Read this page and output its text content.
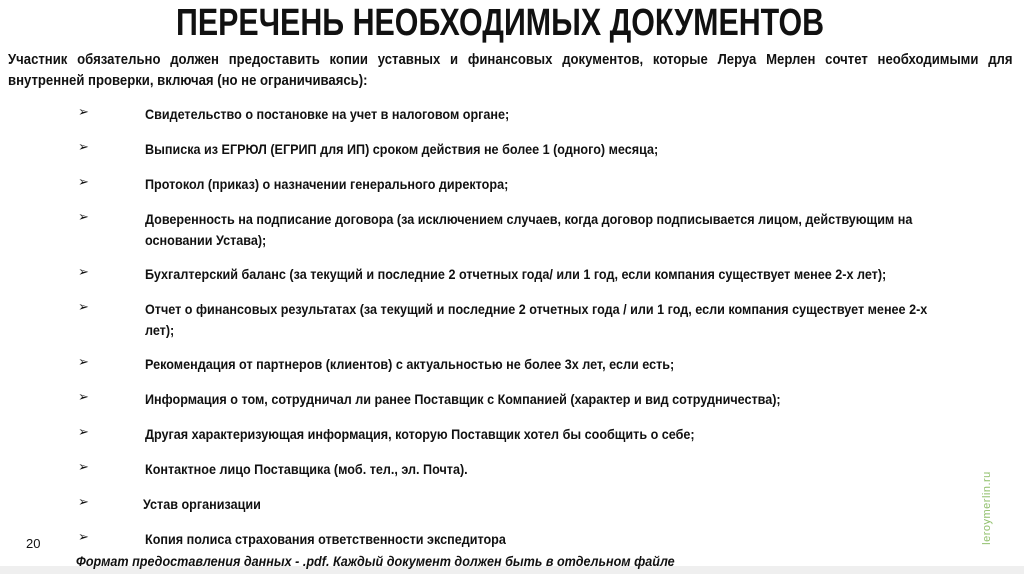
ПЕРЕЧЕНЬ НЕОБХОДИМЫХ ДОКУМЕНТОВ
Участник обязательно должен предоставить копии уставных и финансовых документов, которые Леруа Мерлен сочтет необходимыми для
внутренней проверки, включая (но не ограничиваясь):
➢	Свидетельство о постановке на учет в налоговом органе;
➢	Выписка из ЕГРЮЛ (ЕГРИП для ИП) сроком действия не более 1 (одного) месяца;
➢	Протокол (приказ) о назначении генерального директора;
➢	Доверенность на подписание договора (за исключением случаев, когда договор подписывается лицом, действующим на
основании Устава);
➢	Бухгалтерский баланс (за текущий и последние 2 отчетных года/ или 1 год, если компания существует менее 2-х лет);
➢	Отчет о финансовых результатах (за текущий и последние 2 отчетных года / или 1 год, если компания существует менее 2-х
лет);
➢	Рекомендация от партнеров (клиентов) с актуальностью не более 3х лет, если есть;
➢	Информация о том, сотрудничал ли ранее Поставщик с Компанией (характер и вид сотрудничества);
➢	Другая характеризующая информация, которую Поставщик хотел бы сообщить о себе;
➢	Контактное лицо Поставщика (моб. тел., эл. Почта).
➢	Устав организации
➢	Копия полиса страхования ответственности экспедитора
20	leroymerlin.ru
Формат предоставления данных - .pdf. Каждый документ должен быть в отдельном файле
